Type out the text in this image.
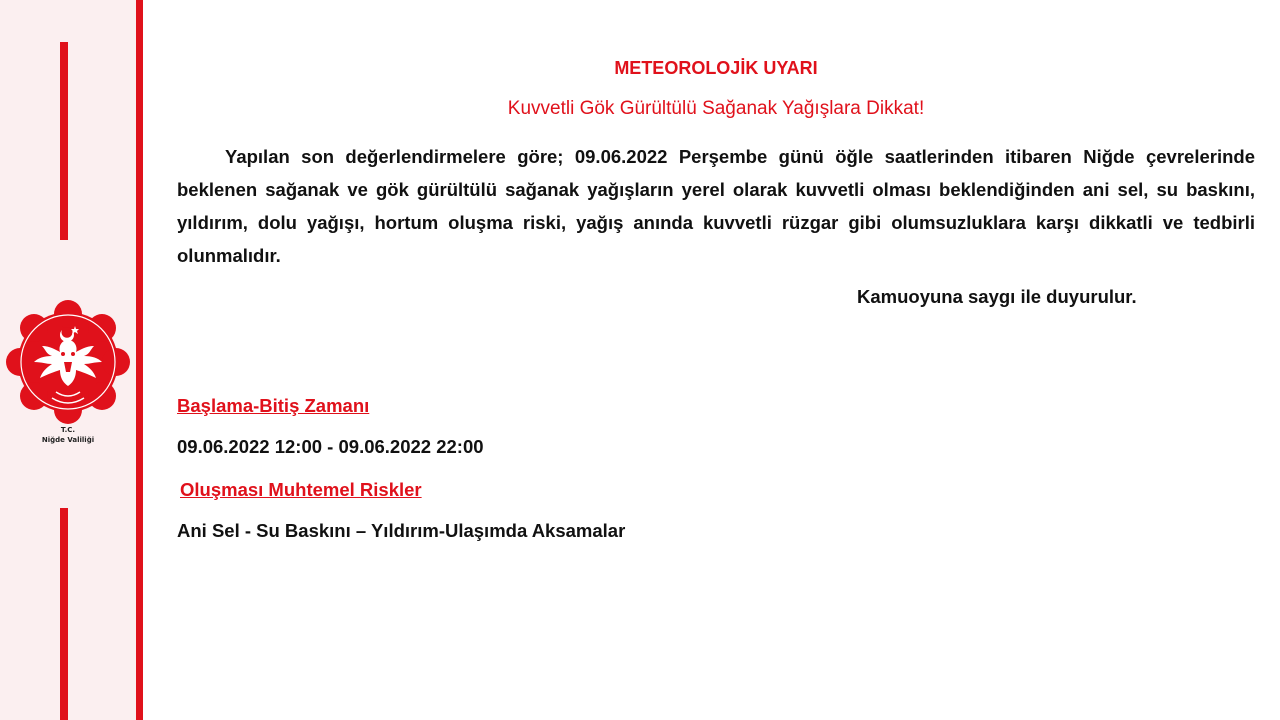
T.C.
Niğde Valiliği
METEOROLOJİK UYARI
Kuvvetli Gök Gürültülü Sağanak Yağışlara Dikkat!

Yapılan son değerlendirmelere göre; 09.06.2022 Perşembe günü öğle saatlerinden itibaren Niğde çevrelerinde beklenen sağanak ve gök gürültülü sağanak yağışların yerel olarak kuvvetli olması beklendiğinden ani sel, su baskını, yıldırım, dolu yağışı, hortum oluşma riski, yağış anında kuvvetli rüzgar gibi olumsuzluklara karşı dikkatli ve tedbirli olunmalıdır.

Kamuoyuna saygı ile duyurulur.
Başlama-Bitiş Zamanı
09.06.2022 12:00 - 09.06.2022 22:00
Oluşması Muhtemel Riskler
Ani Sel - Su Baskını – Yıldırım-Ulaşımda Aksamalar
